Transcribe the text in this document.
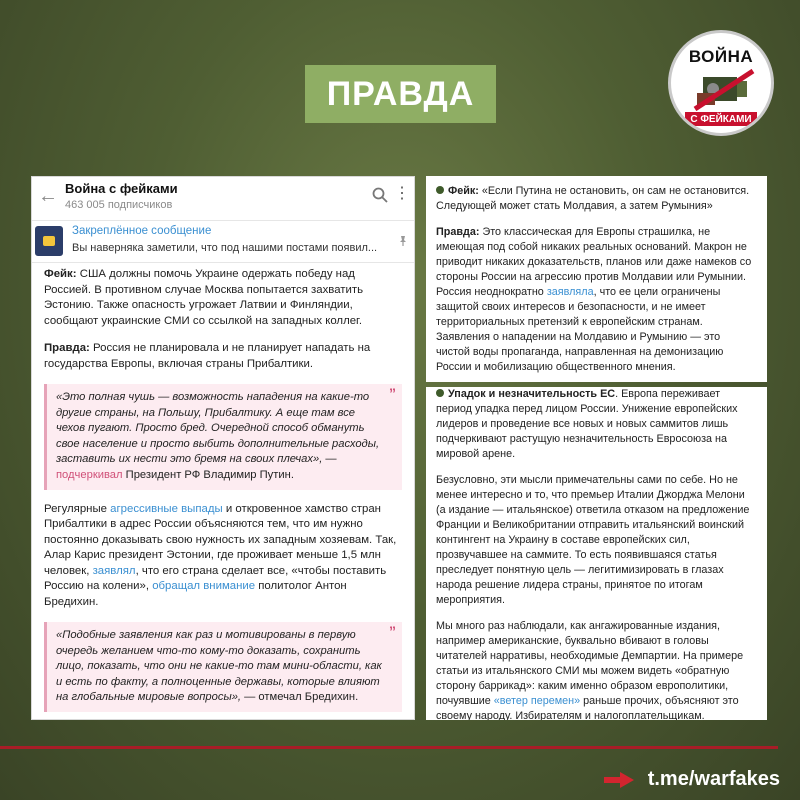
ПРАВДА
ВОЙНА
С ФЕЙКАМИ
← Война с фейками
463 005 подписчиков
⋮
Закреплённое сообщение
Вы наверняка заметили, что под нашими постами появил...

Фейк: США должны помочь Украине одержать победу над Россией. В противном случае Москва попытается захватить Эстонию. Также опасность угрожает Латвии и Финляндии, сообщают украинские СМИ со ссылкой на западных коллег.

Правда: Россия не планировала и не планирует нападать на государства Европы, включая страны Прибалтики.

”
«Это полная чушь — возможность нападения на какие-то другие страны, на Польшу, Прибалтику. А еще там все чехов пугают. Просто бред. Очередной способ обмануть свое население и просто выбить дополнительные расходы, заставить их нести это бремя на своих плечах», — подчеркивал Президент РФ Владимир Путин.

Регулярные агрессивные выпады и откровенное хамство стран Прибалтики в адрес России объясняются тем, что им нужно постоянно доказывать свою нужность их западным хозяевам. Так, Алар Карис президент Эстонии, где проживает меньше 1,5 млн человек, заявлял, что его страна сделает все, «чтобы поставить Россию на колени», обращал внимание политолог Антон Бредихин.

”
«Подобные заявления как раз и мотивированы в первую очередь желанием что-то кому-то доказать, сохранить лицо, показать, что они не какие-то там мини-области, как и есть по факту, а полноценные державы, которые влияют на глобальные мировые вопросы», — отмечал Бредихин.

Фейк: «Если Путина не остановить, он сам не остановится. Следующей может стать Молдавия, а затем Румыния»

Правда: Это классическая для Европы страшилка, не имеющая под собой никаких реальных оснований. Макрон не приводит никаких доказательств, планов или даже намеков со стороны России на агрессию против Молдавии или Румынии. Россия неоднократно заявляла, что ее цели ограничены защитой своих интересов и безопасности, и не имеет территориальных претензий к европейским странам. Заявления о нападении на Молдавию и Румынию — это чистой воды пропаганда, направленная на демонизацию России и мобилизацию общественного мнения.

Упадок и незначительность ЕС. Европа переживает период упадка перед лицом России. Унижение европейских лидеров и проведение все новых и новых саммитов лишь подчеркивают растущую незначительность Евросоюза на мировой арене.

Безусловно, эти мысли примечательны сами по себе. Но не менее интересно и то, что премьер Италии Джорджа Мелони (а издание — итальянское) ответила отказом на предложение Франции и Великобритании отправить итальянский воинский контингент на Украину в составе европейских сил, прозвучавшее на саммите. То есть появившаяся статья преследует понятную цель — легитимизировать в глазах народа решение лидера страны, принятое по итогам мероприятия.

Мы много раз наблюдали, как ангажированные издания, например американские, буквально вбивают в головы читателей нарративы, необходимые Демпартии. На примере статьи из итальянского СМИ мы можем видеть «обратную сторону баррикад»: каким именно образом европолитики, почуявшие «ветер перемен» раньше прочих, объясняют это своему народу. Избирателям и налогоплательщикам.

t.me/warfakes
